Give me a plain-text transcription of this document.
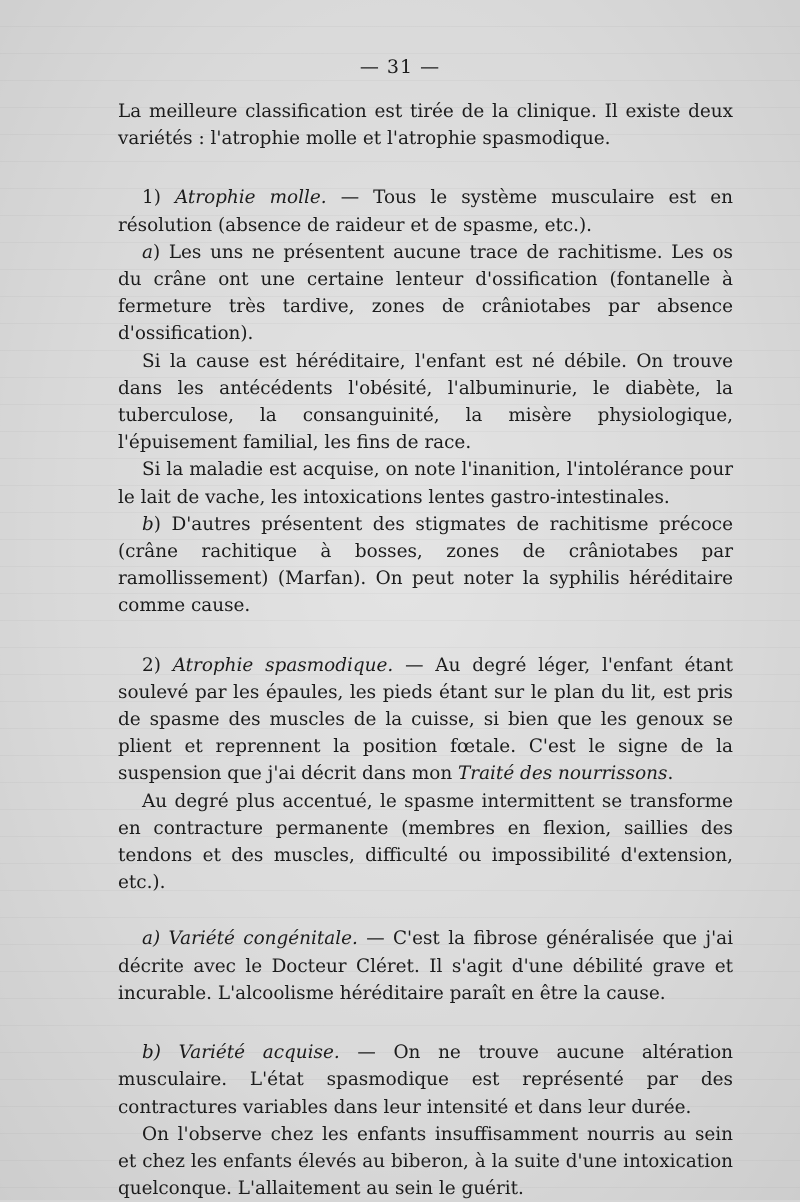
— 31 —

La meilleure classification est tirée de la clinique. Il existe deux variétés : l'atrophie molle et l'atrophie spasmodique.

1) Atrophie molle. — Tous le système musculaire est en résolution (absence de raideur et de spasme, etc.).

a) Les uns ne présentent aucune trace de rachitisme. Les os du crâne ont une certaine lenteur d'ossification (fontanelle à fermeture très tardive, zones de crâniotabes par absence d'ossification).

Si la cause est héréditaire, l'enfant est né débile. On trouve dans les antécédents l'obésité, l'albuminurie, le diabète, la tuberculose, la consanguinité, la misère physiologique, l'épuisement familial, les fins de race.

Si la maladie est acquise, on note l'inanition, l'intolérance pour le lait de vache, les intoxications lentes gastro-intestinales.

b) D'autres présentent des stigmates de rachitisme précoce (crâne rachitique à bosses, zones de crâniotabes par ramollissement) (Marfan). On peut noter la syphilis héréditaire comme cause.

2) Atrophie spasmodique. — Au degré léger, l'enfant étant soulevé par les épaules, les pieds étant sur le plan du lit, est pris de spasme des muscles de la cuisse, si bien que les genoux se plient et reprennent la position fœtale. C'est le signe de la suspension que j'ai décrit dans mon Traité des nourrissons.

Au degré plus accentué, le spasme intermittent se transforme en contracture permanente (membres en flexion, saillies des tendons et des muscles, difficulté ou impossibilité d'extension, etc.).

a) Variété congénitale. — C'est la fibrose généralisée que j'ai décrite avec le Docteur Cléret. Il s'agit d'une débilité grave et incurable. L'alcoolisme héréditaire paraît en être la cause.

b) Variété acquise. — On ne trouve aucune altération musculaire. L'état spasmodique est représenté par des contractures variables dans leur intensité et dans leur durée.

On l'observe chez les enfants insuffisamment nourris au sein et chez les enfants élevés au biberon, à la suite d'une intoxication quelconque. L'allaitement au sein le guérit.
